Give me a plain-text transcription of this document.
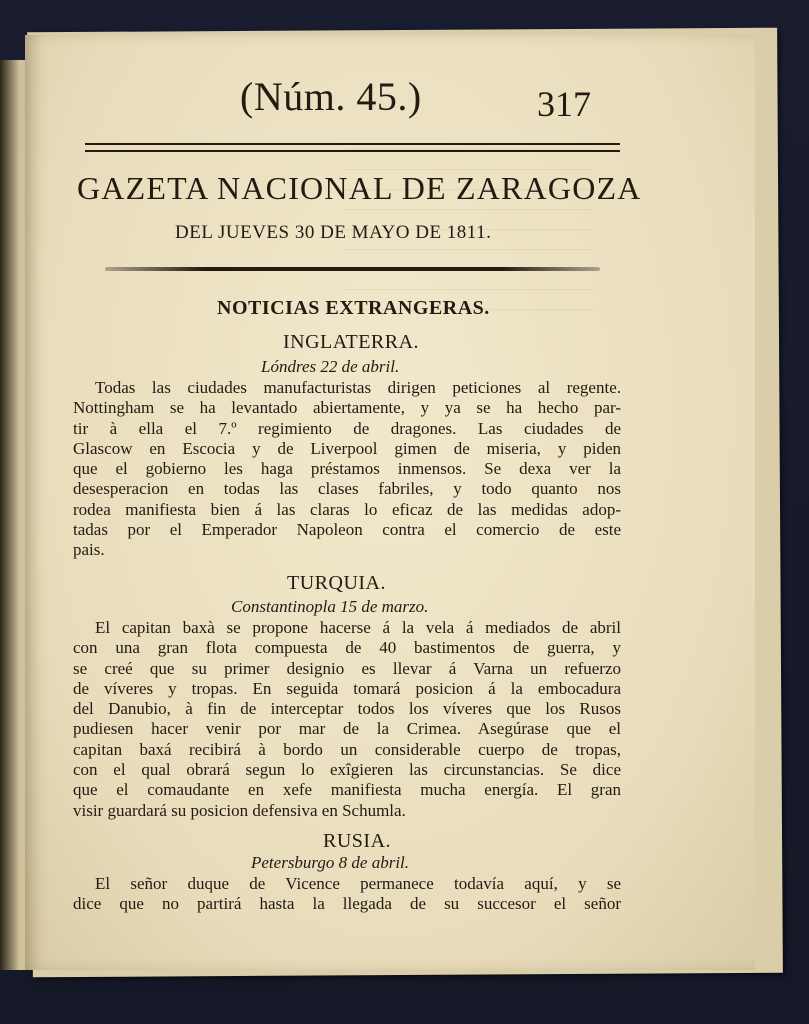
(Núm. 45.)	317
GAZETA NACIONAL DE ZARAGOZA
DEL JUEVES 30 DE MAYO DE 1811.
NOTICIAS EXTRANGERAS.
INGLATERRA.
Lóndres 22 de abril.
Todas las ciudades manufacturistas dirigen peticiones al regente.
Nottingham se ha levantado abiertamente, y ya se ha hecho par-
tir à ella el 7.º regimiento de dragones. Las ciudades de
Glascow en Escocia y de Liverpool gimen de miseria, y piden
que el gobierno les haga préstamos inmensos. Se dexa ver la
desesperacion en todas las clases fabriles, y todo quanto nos
rodea manifiesta bien á las claras lo eficaz de las medidas adop-
tadas por el Emperador Napoleon contra el comercio de este
pais.
TURQUIA.
Constantinopla 15 de marzo.
El capitan baxà se propone hacerse á la vela á mediados de abril
con una gran flota compuesta de 40 bastimentos de guerra, y
se creé que su primer designio es llevar á Varna un refuerzo
de víveres y tropas. En seguida tomará posicion á la embocadura
del Danubio, à fin de interceptar todos los víveres que los Rusos
pudiesen hacer venir por mar de la Crimea. Asegúrase que el
capitan baxá recibirá à bordo un considerable cuerpo de tropas,
con el qual obrará segun lo exîgieren las circunstancias. Se dice
que el comaudante en xefe manifiesta mucha energía. El gran
visir guardará su posicion defensiva en Schumla.
RUSIA.
Petersburgo 8 de abril.
El señor duque de Vicence permanece todavía aquí, y se
dice que no partirá hasta la llegada de su succesor el señor
